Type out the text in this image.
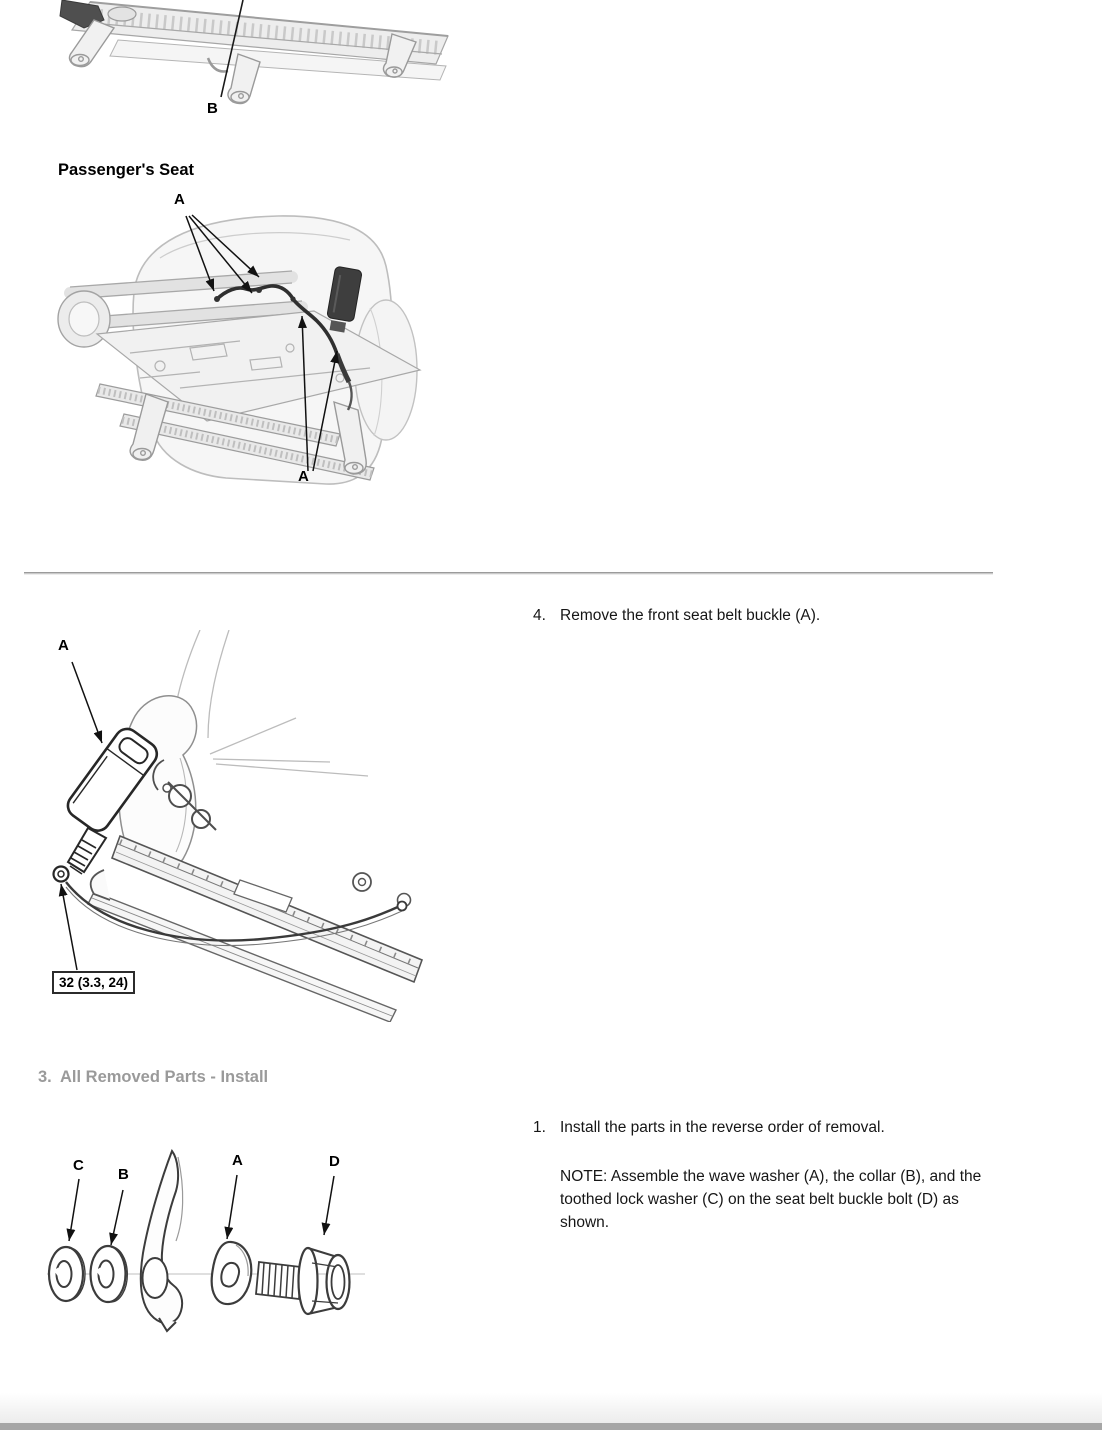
B
Passenger's Seat
A
A
4. Remove the front seat belt buckle (A).
A
32 (3.3, 24)
3. All Removed Parts - Install
1. Install the parts in the reverse order of removal.
NOTE: Assemble the wave washer (A), the collar (B), and the toothed lock washer (C) on the seat belt buckle bolt (D) as shown.
C
B
A	D
